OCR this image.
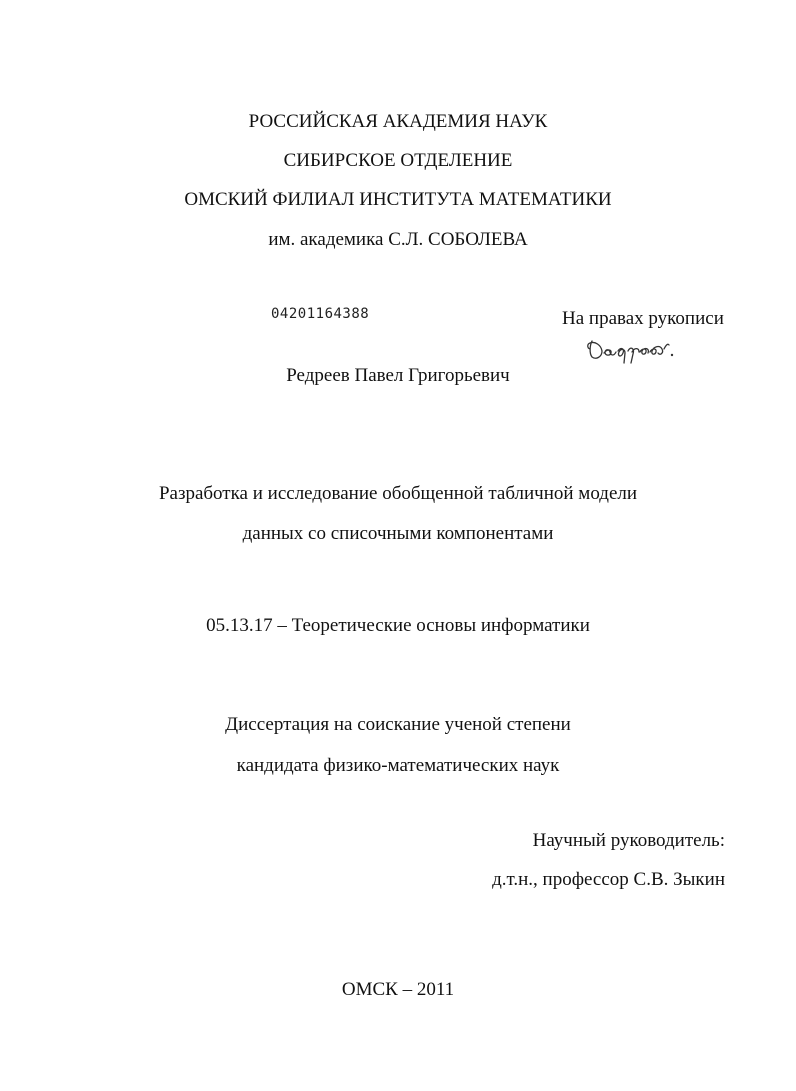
РОССИЙСКАЯ АКАДЕМИЯ НАУК
СИБИРСКОЕ ОТДЕЛЕНИЕ
ОМСКИЙ ФИЛИАЛ ИНСТИТУТА МАТЕМАТИКИ
им. академика С.Л. СОБОЛЕВА
04201164388	На правах рукописи
Редреев Павел Григорьевич
Разработка и исследование обобщенной табличной модели
данных со списочными компонентами
05.13.17 – Теоретические основы информатики
Диссертация на соискание ученой степени
кандидата физико-математических наук
Научный руководитель:
д.т.н., профессор С.В. Зыкин
ОМСК – 2011
